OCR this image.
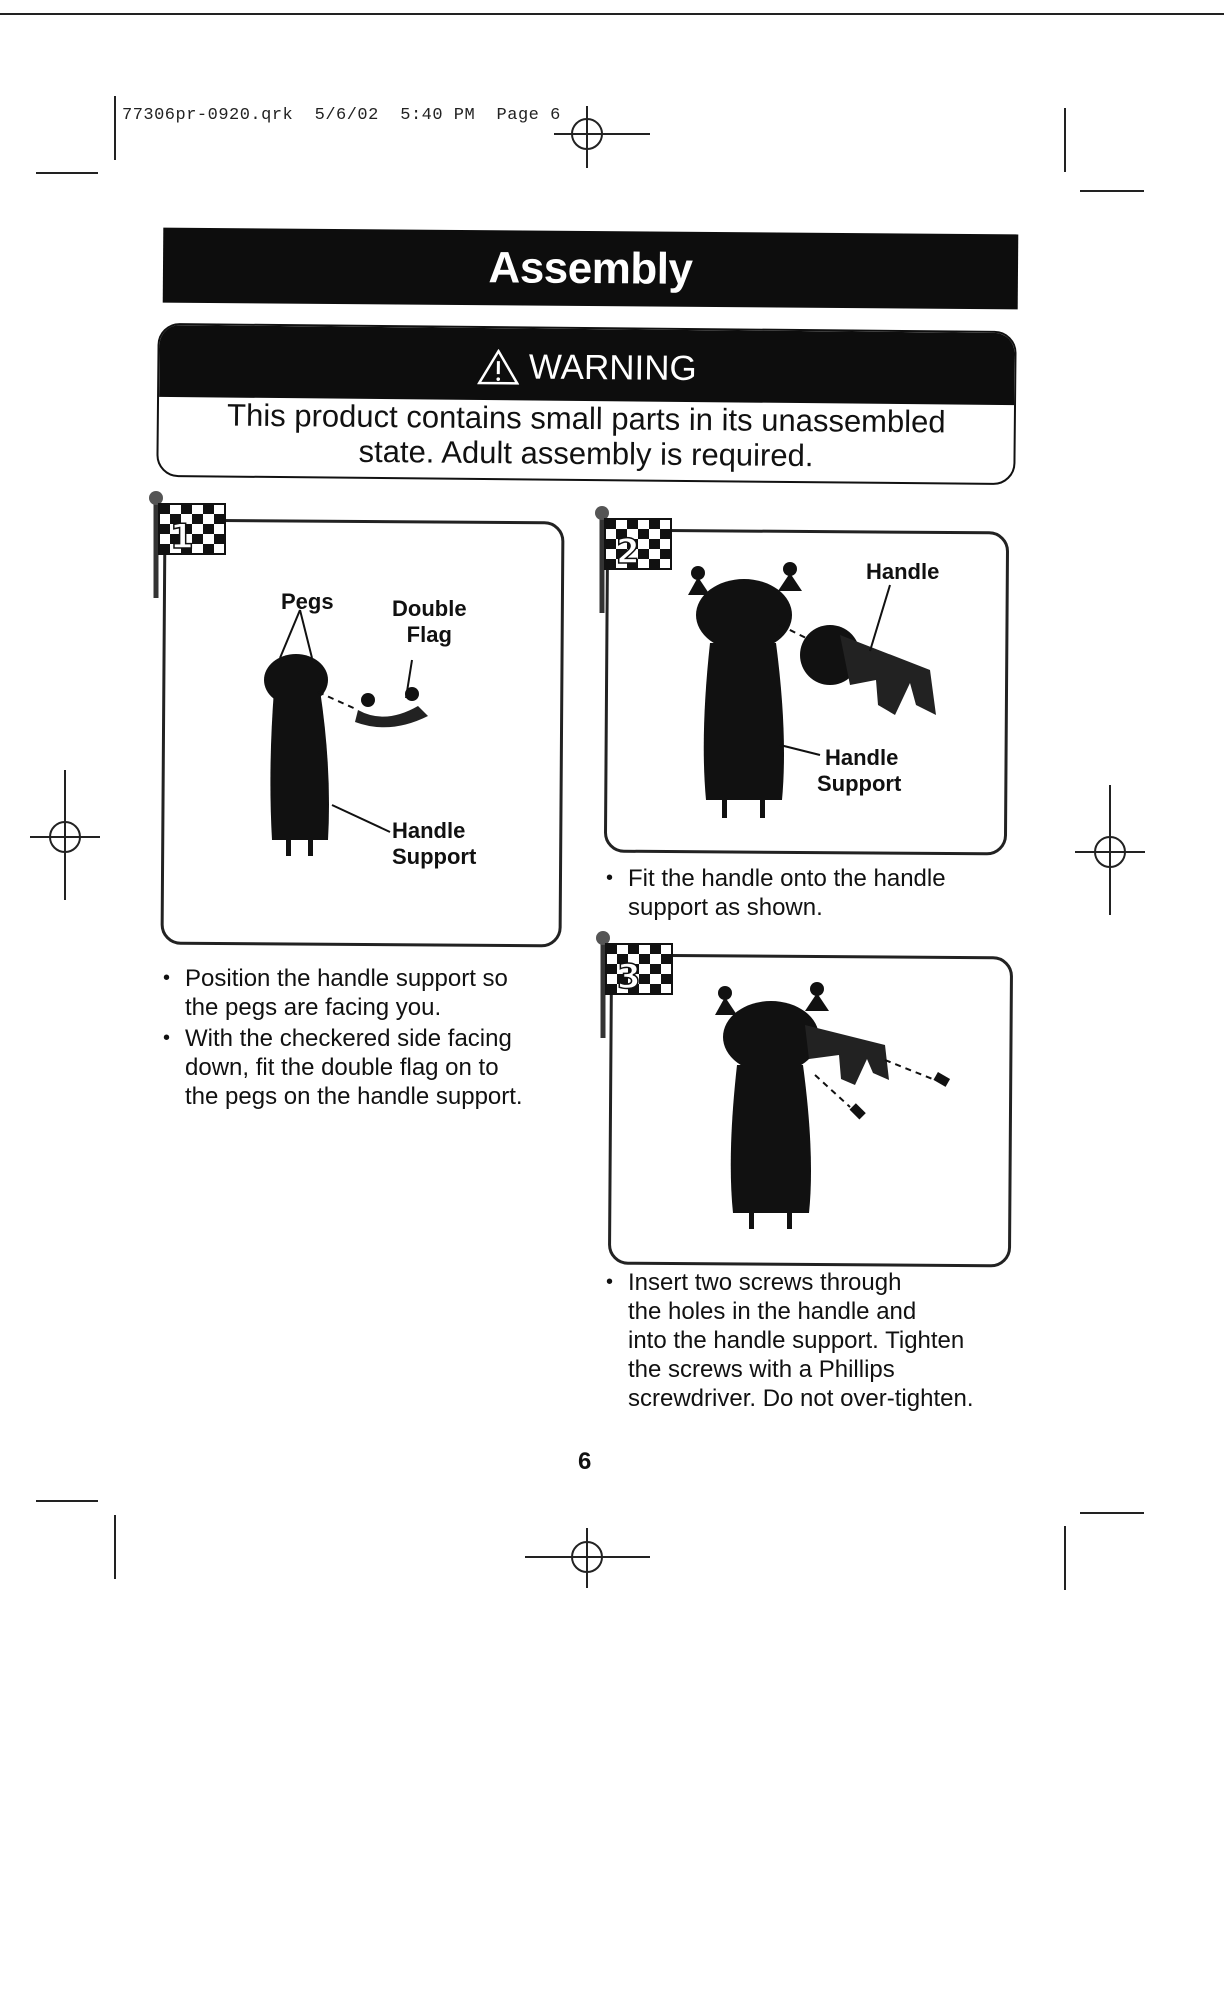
77306pr-0920.qrk  5/6/02  5:40 PM  Page 6
Assembly
WARNING
This product contains small parts in its unassembled
state. Adult assembly is required.
1
Pegs	Double
Flag
Handle
Support
• Position the handle support so
the pegs are facing you.
• With the checkered side facing
down, fit the double flag on to
the pegs on the handle support.
2	Handle
Handle
Support
• Fit the handle onto the handle
support as shown.
3
• Insert two screws through
the holes in the handle and
into the handle support. Tighten
the screws with a Phillips
screwdriver. Do not over-tighten.
6
